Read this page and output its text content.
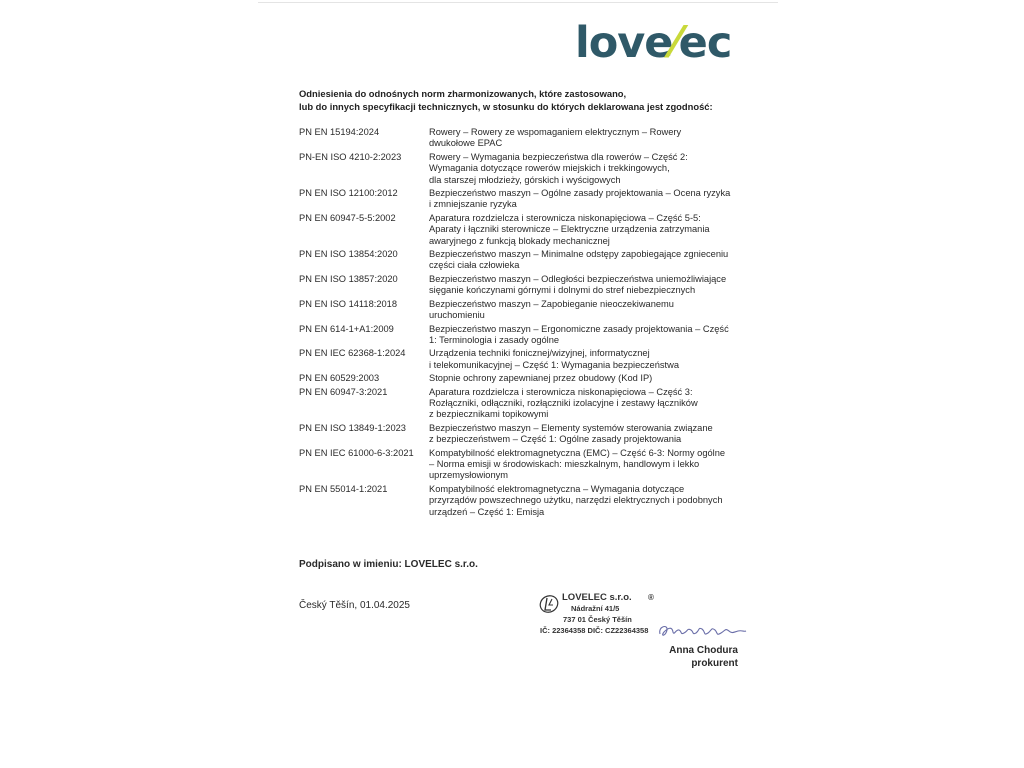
love⁄ec
Odniesienia do odnośnych norm zharmonizowanych, które zastosowano,
lub do innych specyfikacji technicznych, w stosunku do których deklarowana jest zgodność:
PN EN 15194:2024	Rowery – Rowery ze wspomaganiem elektrycznym – Rowery
dwukołowe EPAC
PN-EN ISO 4210-2:2023	Rowery – Wymagania bezpieczeństwa dla rowerów – Część 2:
Wymagania dotyczące rowerów miejskich i trekkingowych,
dla starszej młodzieży, górskich i wyścigowych
PN EN ISO 12100:2012	Bezpieczeństwo maszyn – Ogólne zasady projektowania – Ocena ryzyka
i zmniejszanie ryzyka
PN EN 60947-5-5:2002	Aparatura rozdzielcza i sterownicza niskonapięciowa – Część 5-5:
Aparaty i łączniki sterownicze – Elektryczne urządzenia zatrzymania
awaryjnego z funkcją blokady mechanicznej
PN EN ISO 13854:2020	Bezpieczeństwo maszyn – Minimalne odstępy zapobiegające zgnieceniu
części ciała człowieka
PN EN ISO 13857:2020	Bezpieczeństwo maszyn – Odległości bezpieczeństwa uniemożliwiające
sięganie kończynami górnymi i dolnymi do stref niebezpiecznych
PN EN ISO 14118:2018	Bezpieczeństwo maszyn – Zapobieganie nieoczekiwanemu
uruchomieniu
PN EN 614-1+A1:2009	Bezpieczeństwo maszyn – Ergonomiczne zasady projektowania – Część
1: Terminologia i zasady ogólne
PN EN IEC 62368-1:2024	Urządzenia techniki fonicznej/wizyjnej, informatycznej
i telekomunikacyjnej – Część 1: Wymagania bezpieczeństwa
PN EN 60529:2003	Stopnie ochrony zapewnianej przez obudowy (Kod IP)
PN EN 60947-3:2021	Aparatura rozdzielcza i sterownicza niskonapięciowa – Część 3:
Rozłączniki, odłączniki, rozłączniki izolacyjne i zestawy łączników
z bezpiecznikami topikowymi
PN EN ISO 13849-1:2023	Bezpieczeństwo maszyn – Elementy systemów sterowania związane
z bezpieczeństwem – Część 1: Ogólne zasady projektowania
PN EN IEC 61000-6-3:2021	Kompatybilność elektromagnetyczna (EMC) – Część 6-3: Normy ogólne
– Norma emisji w środowiskach: mieszkalnym, handlowym i lekko
uprzemysłowionym
PN EN 55014-1:2021	Kompatybilność elektromagnetyczna – Wymagania dotyczące
przyrządów powszechnego użytku, narzędzi elektrycznych i podobnych
urządzeń – Część 1: Emisja
Podpisano w imieniu: LOVELEC s.r.o.
Český Těšín, 01.04.2025
LOVELEC s.r.o. ®
Nádražní 41/5
737 01 Český Těšín
IČ: 22364358 DIČ: CZ22364358
Anna Chodura
prokurent
